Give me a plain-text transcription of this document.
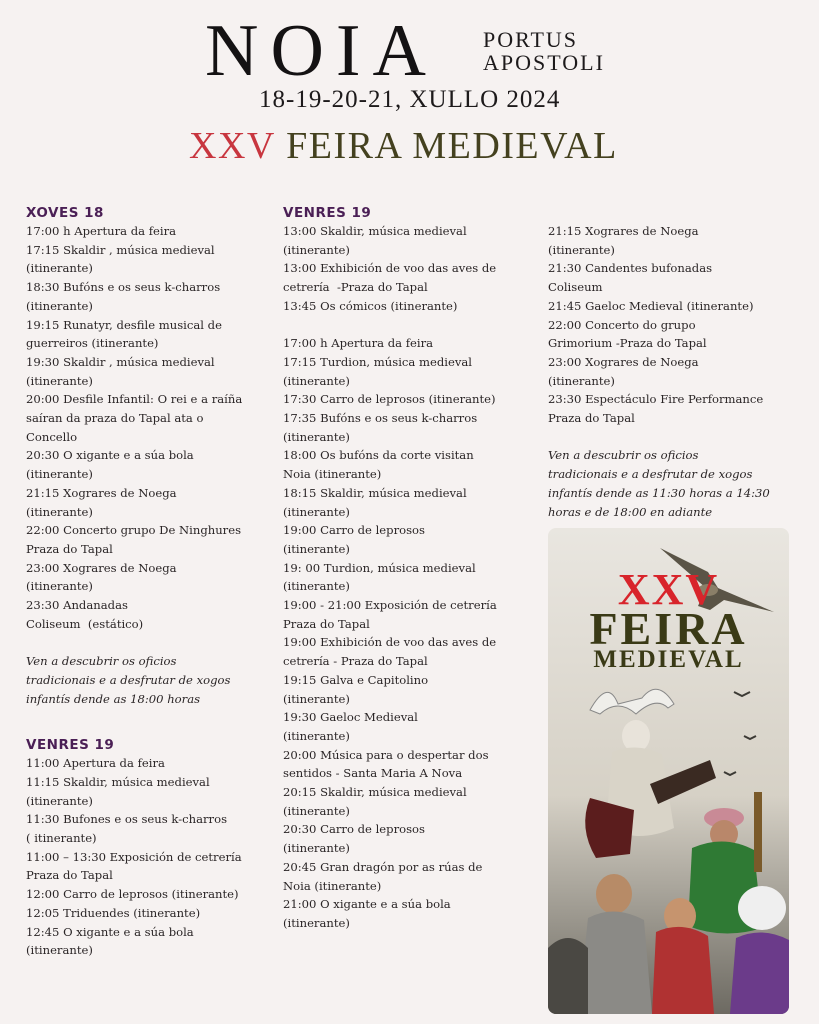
NOIA PORTUS
APOSTOLI
18-19-20-21, XULLO 2024
XXV FEIRA MEDIEVAL
XOVES 18
17:00 h Apertura da feira
17:15 Skaldir , música medieval
(itinerante)
18:30 Bufóns e os seus k-charros
(itinerante)
19:15 Runatyr, desfile musical de
guerreiros (itinerante)
19:30 Skaldir , música medieval
(itinerante)
20:00 Desfile Infantil: O rei e a raíña
saíran da praza do Tapal ata o
Concello
20:30 O xigante e a súa bola
(itinerante)
21:15 Xograres de Noega
(itinerante)
22:00 Concerto grupo De Ninghures
Praza do Tapal
23:00 Xograres de Noega
(itinerante)
23:30 Andanadas
Coliseum  (estático)
Ven a descubrir os oficios
tradicionais e a desfrutar de xogos
infantís dende as 18:00 horas
VENRES 19
11:00 Apertura da feira
11:15 Skaldir, música medieval
(itinerante)
11:30 Bufones e os seus k-charros
( itinerante)
11:00 – 13:30 Exposición de cetrería
Praza do Tapal
12:00 Carro de leprosos (itinerante)
12:05 Triduendes (itinerante)
12:45 O xigante e a súa bola
(itinerante)
VENRES 19
13:00 Skaldir, música medieval
(itinerante)
13:00 Exhibición de voo das aves de
cetrería  -Praza do Tapal
13:45 Os cómicos (itinerante)
17:00 h Apertura da feira
17:15 Turdion, música medieval
(itinerante)
17:30 Carro de leprosos (itinerante)
17:35 Bufóns e os seus k-charros
(itinerante)
18:00 Os bufóns da corte visitan
Noia (itinerante)
18:15 Skaldir, música medieval
(itinerante)
19:00 Carro de leprosos
(itinerante)
19: 00 Turdion, música medieval
(itinerante)
19:00 - 21:00 Exposición de cetrería
Praza do Tapal
19:00 Exhibición de voo das aves de
cetrería - Praza do Tapal
19:15 Galva e Capitolino
(itinerante)
19:30 Gaeloc Medieval
(itinerante)
20:00 Música para o despertar dos
sentidos - Santa Maria A Nova
20:15 Skaldir, música medieval
(itinerante)
20:30 Carro de leprosos
(itinerante)
20:45 Gran dragón por as rúas de
Noia (itinerante)
21:00 O xigante e a súa bola
(itinerante)
21:15 Xograres de Noega
(itinerante)
21:30 Candentes bufonadas
Coliseum
21:45 Gaeloc Medieval (itinerante)
22:00 Concerto do grupo
Grimorium -Praza do Tapal
23:00 Xograres de Noega
(itinerante)
23:30 Espectáculo Fire Performance
Praza do Tapal
Ven a descubrir os oficios
tradicionais e a desfrutar de xogos
infantís dende as 11:30 horas a 14:30
horas e de 18:00 en adiante
XXV
FEIRA
MEDIEVAL
